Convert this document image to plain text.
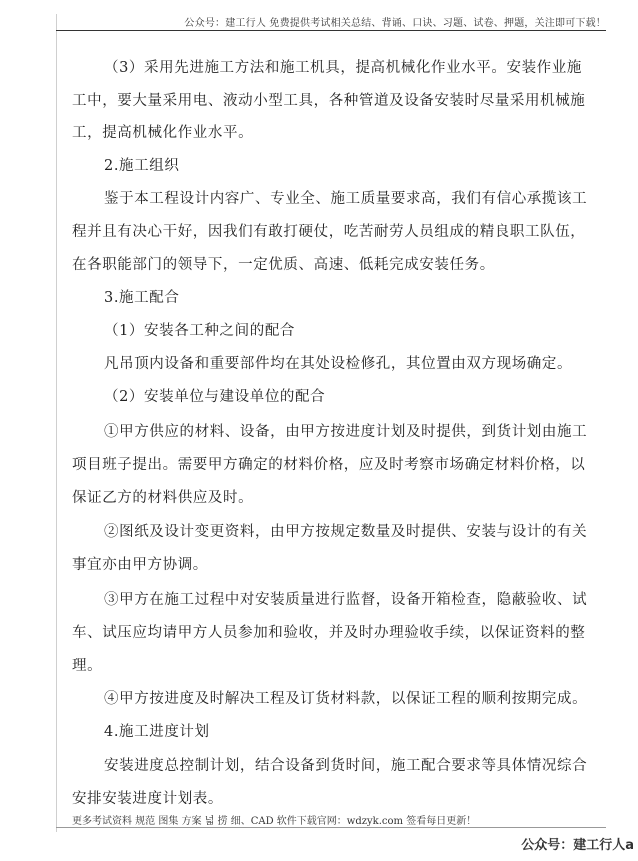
公众号：建工行人 免费提供考试相关总结、背诵、口诀、习题、试卷、押题，关注即可下载！
（3）采用先进施工方法和施工机具，提高机械化作业水平。安装作业施
工中，要大量采用电、液动小型工具，各种管道及设备安装时尽量采用机械施
工，提高机械化作业水平。
2.施工组织
鉴于本工程设计内容广、专业全、施工质量要求高，我们有信心承揽该工
程并且有决心干好，因我们有敢打硬仗，吃苦耐劳人员组成的精良职工队伍，
在各职能部门的领导下，一定优质、高速、低耗完成安装任务。
3.施工配合
（1）安装各工种之间的配合
凡吊顶内设备和重要部件均在其处设检修孔，其位置由双方现场确定。
（2）安装单位与建设单位的配合
①甲方供应的材料、设备，由甲方按进度计划及时提供，到货计划由施工
项目班子提出。需要甲方确定的材料价格，应及时考察市场确定材料价格，以
保证乙方的材料供应及时。
②图纸及设计变更资料，由甲方按规定数量及时提供、安装与设计的有关
事宜亦由甲方协调。
③甲方在施工过程中对安装质量进行监督，设备开箱检查，隐蔽验收、试
车、试压应均请甲方人员参加和验收，并及时办理验收手续，以保证资料的整
理。
④甲方按进度及时解决工程及订货材料款，以保证工程的顺利按期完成。
4.施工进度计划
安装进度总控制计划，结合设备到货时间，施工配合要求等具体情况综合
安排安装进度计划表。
更多考试资料 规范 图集 方案 넓 捞 细、CAD 软件下载官网：wdzyk.com 签看每日更新！
公众号：建工行人a
